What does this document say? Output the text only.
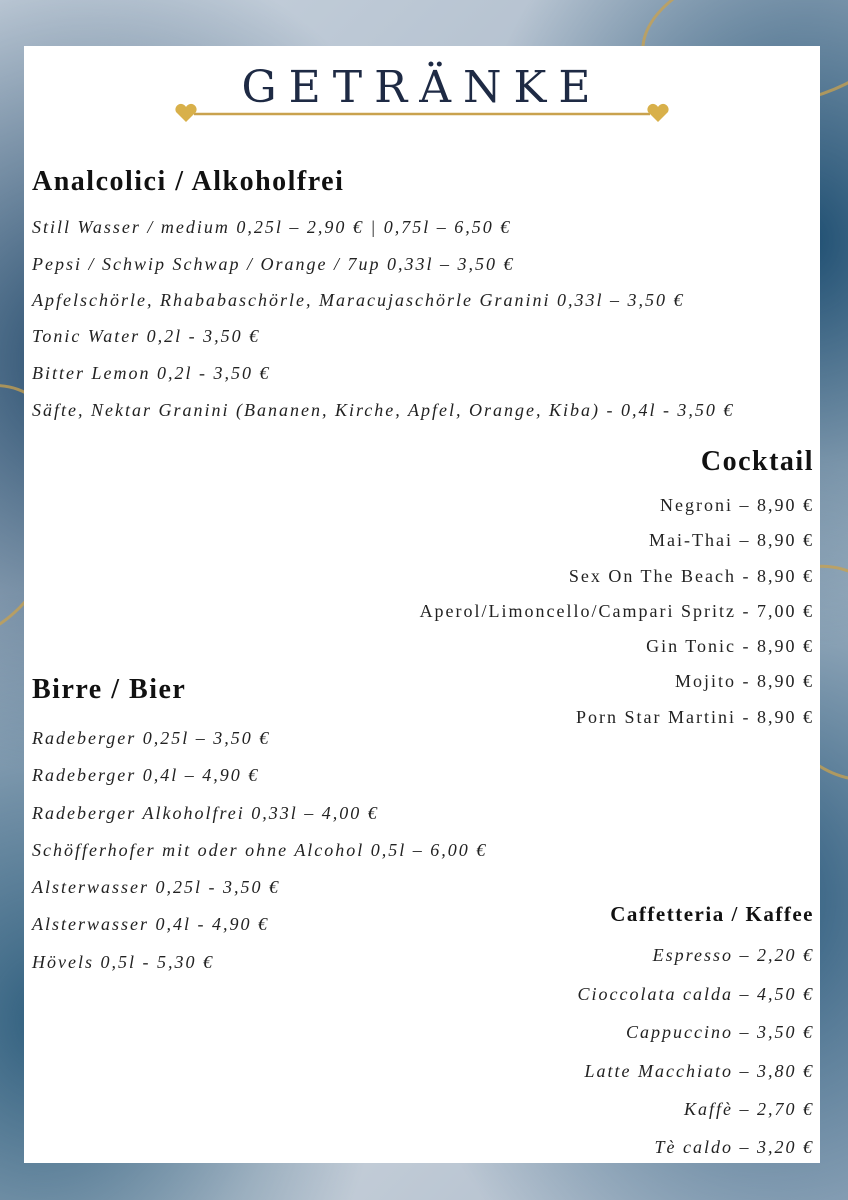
GETRÄNKE
Analcolici / Alkoholfrei
Still Wasser / medium 0,25l – 2,90 € | 0,75l – 6,50 €
Pepsi / Schwip Schwap / Orange / 7up 0,33l – 3,50 €
Apfelschörle, Rhababaschörle, Maracujaschörle Granini 0,33l – 3,50 €
Tonic Water 0,2l - 3,50 €
Bitter Lemon 0,2l - 3,50 €
Säfte, Nektar Granini (Bananen, Kirche, Apfel, Orange, Kiba) - 0,4l - 3,50 €
Cocktail
Negroni – 8,90 €
Mai-Thai – 8,90 €
Sex On The Beach - 8,90 €
Aperol/Limoncello/Campari Spritz - 7,00 €
Gin Tonic - 8,90 €
Mojito - 8,90 €
Porn Star Martini - 8,90 €
Birre / Bier
Radeberger 0,25l – 3,50 €
Radeberger 0,4l – 4,90 €
Radeberger Alkoholfrei 0,33l – 4,00 €
Schöfferhofer mit oder ohne Alcohol 0,5l – 6,00 €
Alsterwasser 0,25l - 3,50 €
Alsterwasser 0,4l - 4,90 €
Hövels 0,5l - 5,30 €
Caffetteria / Kaffee
Espresso – 2,20 €
Cioccolata calda – 4,50 €
Cappuccino – 3,50 €
Latte Macchiato – 3,80 €
Kaffè – 2,70 €
Tè caldo – 3,20 €
